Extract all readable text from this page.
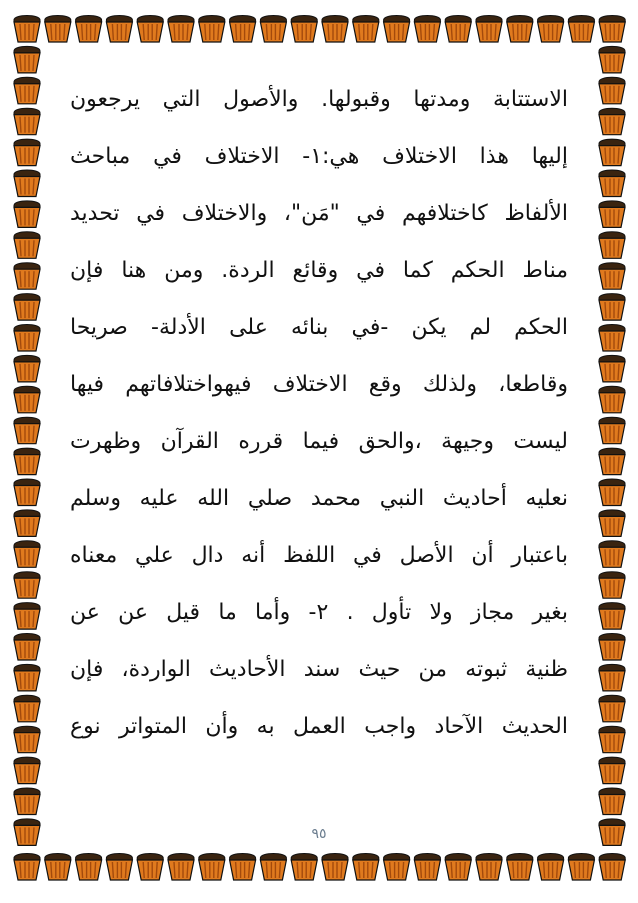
الاستتابة ومدتها وقبولها. والأصول التي يرجعون
إليها هذا الاختلاف هي:١- الاختلاف في مباحث
الألفاظ كاختلافهم في "مَن"، والاختلاف في تحديد
مناط الحكم كما في وقائع الردة. ومن هنا فإن
الحكم لم يكن -في بنائه على الأدلة- صريحا
وقاطعا، ولذلك وقع الاختلاف فيهواختلافاتهم فيها
ليست وجيهة ،والحق فيما قرره القرآن وظهرت
نعليه أحاديث النبي محمد صلي الله عليه وسلم
باعتبار أن الأصل في اللفظ أنه دال علي معناه
بغير مجاز ولا تأول . ٢- وأما ما قيل عن عن
ظنية ثبوته من حيث سند الأحاديث الواردة، فإن
الحديث الآحاد واجب العمل به وأن المتواتر نوع
٩٥
